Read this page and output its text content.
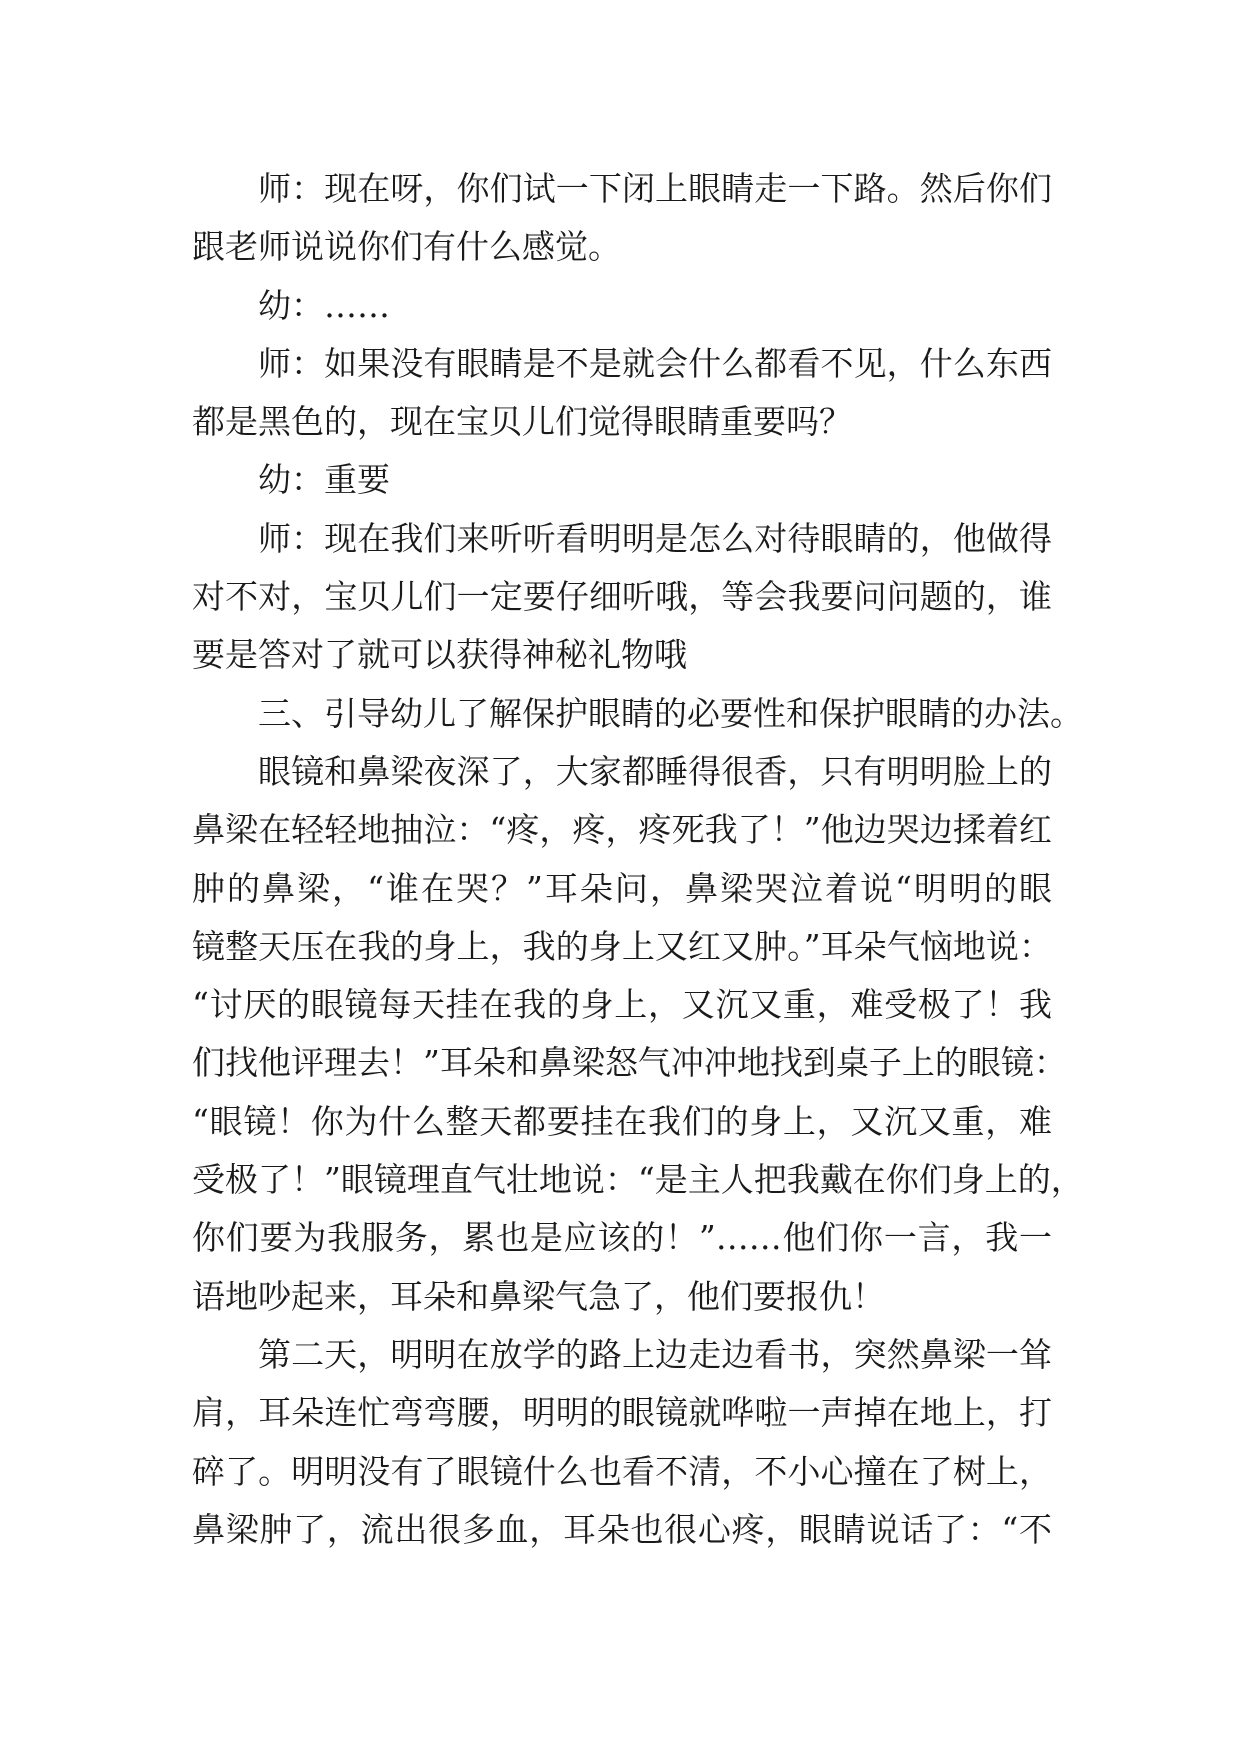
师：现在呀，你们试一下闭上眼睛走一下路。然后你们
跟老师说说你们有什么感觉。
幼：……
师：如果没有眼睛是不是就会什么都看不见，什么东西
都是黑色的，现在宝贝儿们觉得眼睛重要吗？
幼：重要
师：现在我们来听听看明明是怎么对待眼睛的，他做得
对不对，宝贝儿们一定要仔细听哦，等会我要问问题的，谁
要是答对了就可以获得神秘礼物哦
三、引导幼儿了解保护眼睛的必要性和保护眼睛的办法。
眼镜和鼻梁夜深了，大家都睡得很香，只有明明脸上的
鼻梁在轻轻地抽泣：“疼，疼，疼死我了！”他边哭边揉着红
肿的鼻梁，“谁在哭？”耳朵问，鼻梁哭泣着说“明明的眼
镜整天压在我的身上，我的身上又红又肿。”耳朵气恼地说：
“讨厌的眼镜每天挂在我的身上，又沉又重，难受极了！我
们找他评理去！”耳朵和鼻梁怒气冲冲地找到桌子上的眼镜：
“眼镜！你为什么整天都要挂在我们的身上，又沉又重，难
受极了！”眼镜理直气壮地说：“是主人把我戴在你们身上的，
你们要为我服务，累也是应该的！”……他们你一言，我一
语地吵起来，耳朵和鼻梁气急了，他们要报仇！
第二天，明明在放学的路上边走边看书，突然鼻梁一耸
肩，耳朵连忙弯弯腰，明明的眼镜就哗啦一声掉在地上，打
碎了。明明没有了眼镜什么也看不清，不小心撞在了树上，
鼻梁肿了，流出很多血，耳朵也很心疼，眼睛说话了：“不
